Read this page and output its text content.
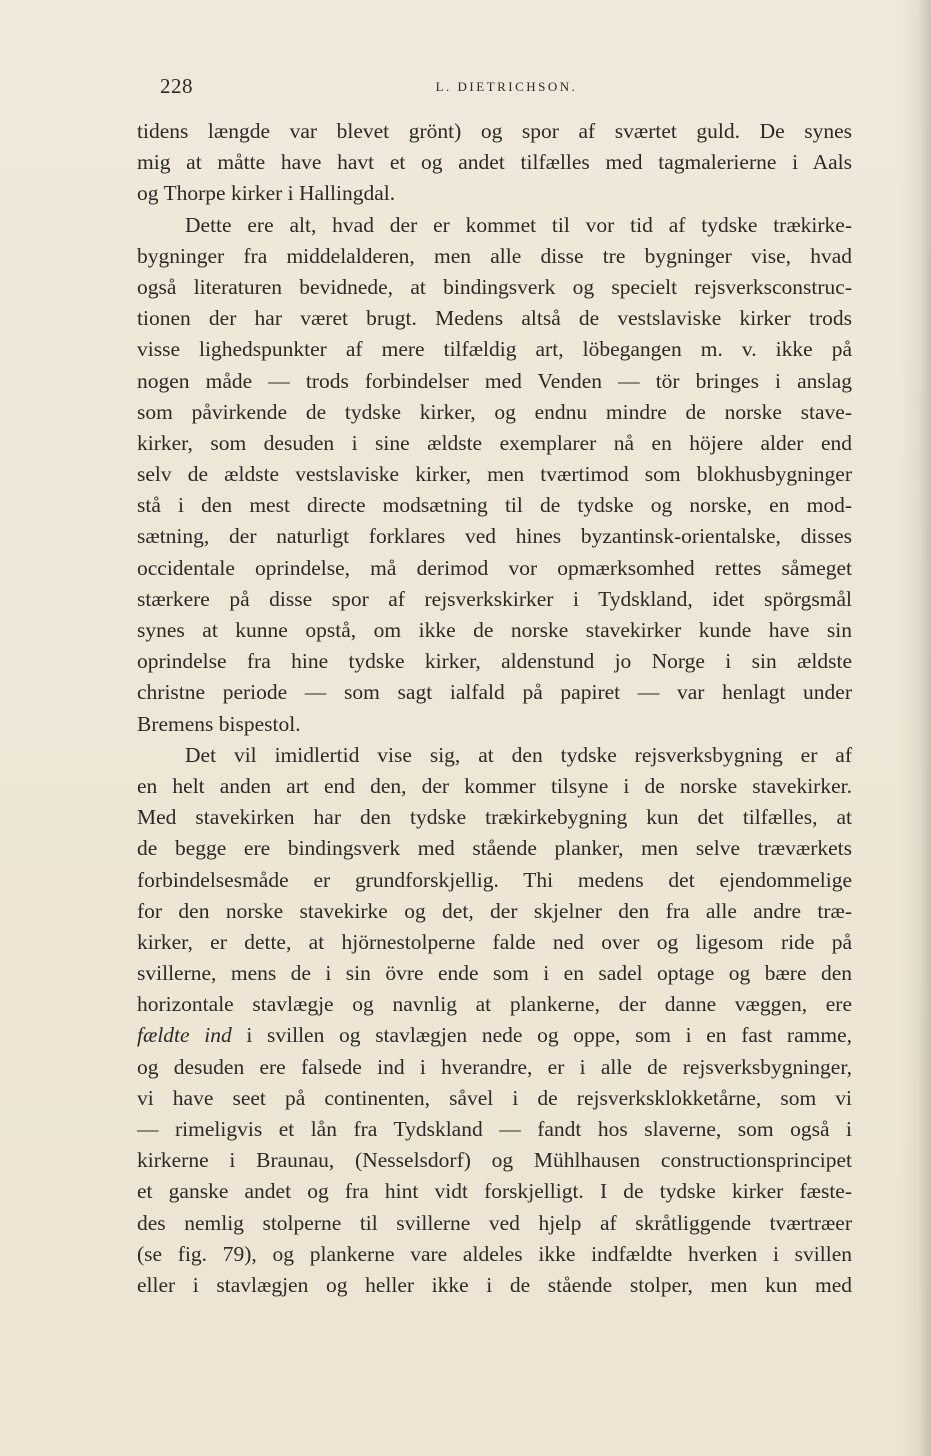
228	L. DIETRICHSON.
tidens længde var blevet grönt) og spor af sværtet guld. De synes
mig at måtte have havt et og andet tilfælles med tagmalerierne i Aals
og Thorpe kirker i Hallingdal.
Dette ere alt, hvad der er kommet til vor tid af tydske trækirke-
bygninger fra middelalderen, men alle disse tre bygninger vise, hvad
også literaturen bevidnede, at bindingsverk og specielt rejsverksconstruc-
tionen der har været brugt. Medens altså de vestslaviske kirker trods
visse lighedspunkter af mere tilfældig art, löbegangen m. v. ikke på
nogen måde — trods forbindelser med Venden — tör bringes i anslag
som påvirkende de tydske kirker, og endnu mindre de norske stave-
kirker, som desuden i sine ældste exemplarer nå en höjere alder end
selv de ældste vestslaviske kirker, men tværtimod som blokhusbygninger
stå i den mest directe modsætning til de tydske og norske, en mod-
sætning, der naturligt forklares ved hines byzantinsk-orientalske, disses
occidentale oprindelse, må derimod vor opmærksomhed rettes såmeget
stærkere på disse spor af rejsverkskirker i Tydskland, idet spörgsmål
synes at kunne opstå, om ikke de norske stavekirker kunde have sin
oprindelse fra hine tydske kirker, aldenstund jo Norge i sin ældste
christne periode — som sagt ialfald på papiret — var henlagt under
Bremens bispestol.
Det vil imidlertid vise sig, at den tydske rejsverksbygning er af
en helt anden art end den, der kommer tilsyne i de norske stavekirker.
Med stavekirken har den tydske trækirkebygning kun det tilfælles, at
de begge ere bindingsverk med stående planker, men selve træværkets
forbindelsesmåde er grundforskjellig. Thi medens det ejendommelige
for den norske stavekirke og det, der skjelner den fra alle andre træ-
kirker, er dette, at hjörnestolperne falde ned over og ligesom ride på
svillerne, mens de i sin övre ende som i en sadel optage og bære den
horizontale stavlægje og navnlig at plankerne, der danne væggen, ere
fældte ind i svillen og stavlægjen nede og oppe, som i en fast ramme,
og desuden ere falsede ind i hverandre, er i alle de rejsverksbygninger,
vi have seet på continenten, såvel i de rejsverksklokketårne, som vi
— rimeligvis et lån fra Tydskland — fandt hos slaverne, som også i
kirkerne i Braunau, (Nesselsdorf) og Mühlhausen constructionsprincipet
et ganske andet og fra hint vidt forskjelligt. I de tydske kirker fæste-
des nemlig stolperne til svillerne ved hjelp af skråtliggende tværtræer
(se fig. 79), og plankerne vare aldeles ikke indfældte hverken i svillen
eller i stavlægjen og heller ikke i de stående stolper, men kun med
